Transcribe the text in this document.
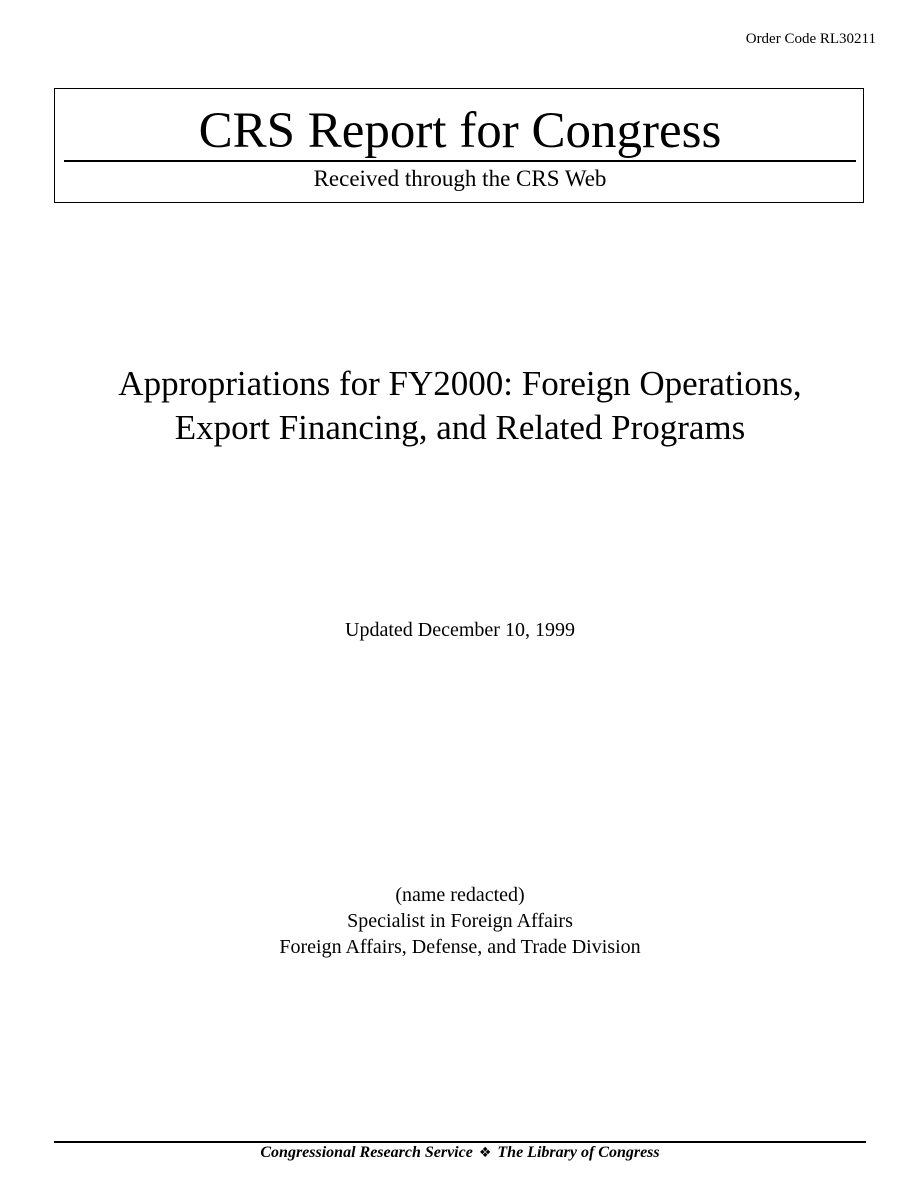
Order Code RL30211
CRS Report for Congress
Received through the CRS Web
Appropriations for FY2000: Foreign Operations,
Export Financing, and Related Programs
Updated December 10, 1999
(name redacted)
Specialist in Foreign Affairs
Foreign Affairs, Defense, and Trade Division
Congressional Research Service ❖ The Library of Congress
